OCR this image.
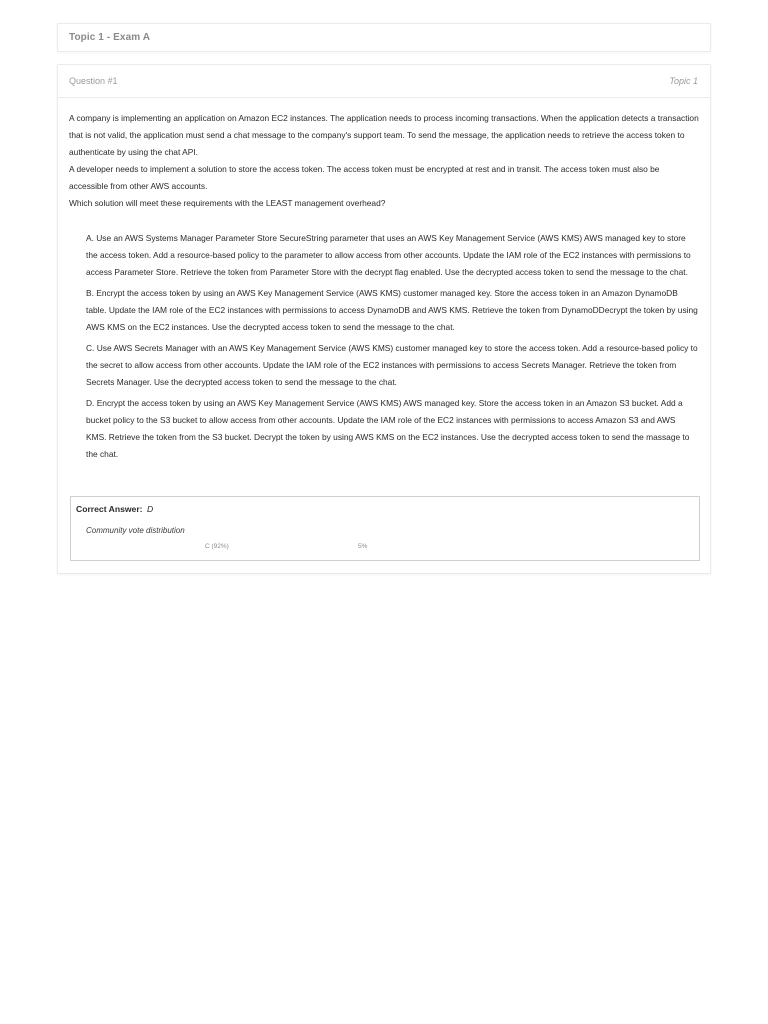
Topic 1 - Exam A
Question #1	Topic 1

A company is implementing an application on Amazon EC2 instances. The application needs to process incoming transactions. When the application detects a transaction that is not valid, the application must send a chat message to the company's support team. To send the message, the application needs to retrieve the access token to authenticate by using the chat API.
A developer needs to implement a solution to store the access token. The access token must be encrypted at rest and in transit. The access token must also be accessible from other AWS accounts.
Which solution will meet these requirements with the LEAST management overhead?

A. Use an AWS Systems Manager Parameter Store SecureString parameter that uses an AWS Key Management Service (AWS KMS) AWS managed key to store the access token. Add a resource-based policy to the parameter to allow access from other accounts. Update the IAM role of the EC2 instances with permissions to access Parameter Store. Retrieve the token from Parameter Store with the decrypt flag enabled. Use the decrypted access token to send the message to the chat.
B. Encrypt the access token by using an AWS Key Management Service (AWS KMS) customer managed key. Store the access token in an Amazon DynamoDB table. Update the IAM role of the EC2 instances with permissions to access DynamoDB and AWS KMS. Retrieve the token from DynamoDDecrypt the token by using AWS KMS on the EC2 instances. Use the decrypted access token to send the message to the chat.
C. Use AWS Secrets Manager with an AWS Key Management Service (AWS KMS) customer managed key to store the access token. Add a resource-based policy to the secret to allow access from other accounts. Update the IAM role of the EC2 instances with permissions to access Secrets Manager. Retrieve the token from Secrets Manager. Use the decrypted access token to send the message to the chat.
D. Encrypt the access token by using an AWS Key Management Service (AWS KMS) AWS managed key. Store the access token in an Amazon S3 bucket. Add a bucket policy to the S3 bucket to allow access from other accounts. Update the IAM role of the EC2 instances with permissions to access Amazon S3 and AWS KMS. Retrieve the token from the S3 bucket. Decrypt the token by using AWS KMS on the EC2 instances. Use the decrypted access token to send the massage to the chat.
Correct Answer: D
Community vote distribution
C (92%)	5%
